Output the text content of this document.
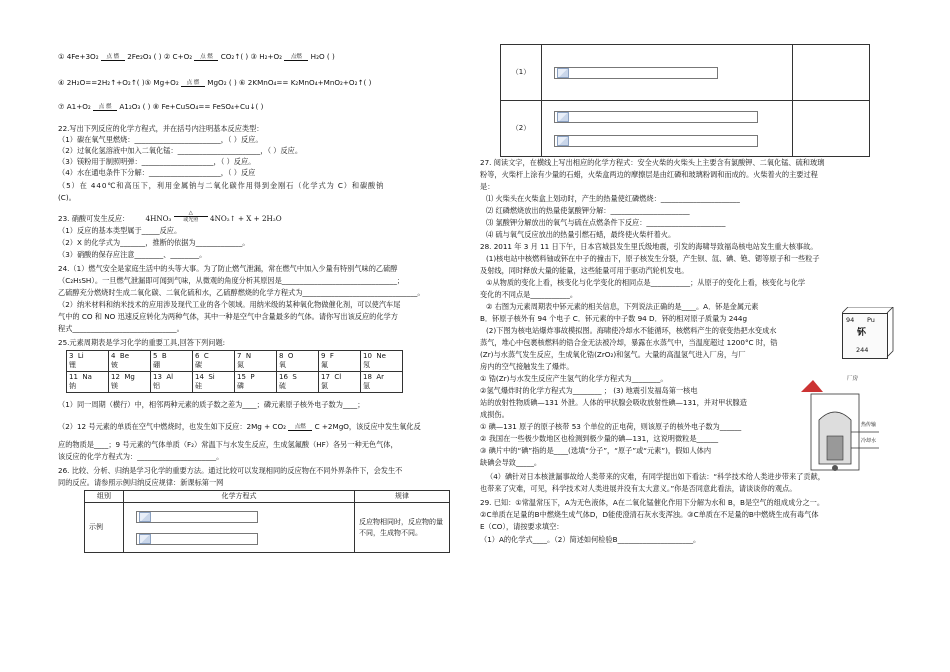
① 4Fe+3O₂	点 燃	2Fe₂O₃ ( ) ② C+O₂	点 燃	CO₂↑( ) ③ H₂+O₂	点燃	H₂O ( )
④ 2H₂O==2H₂↑+O₂↑( )⑤ Mg+O₂	点 燃	MgO₂ ( ) ⑥ 2KMnO₄== K₂MnO₄+MnO₂+O₂↑( )
⑦ A1+O₂	点 燃	A1₂O₃ ( ) ⑧ Fe+CuSO₄== FeSO₄+Cu↓( )
22.写出下列反应的化学方程式，并在括号内注明基本反应类型：
（1）碳在氧气里燃烧：________________________，（ ）反应。
（2）过氧化氢溶液中加入二氧化锰：_______________________，（ ）反应。
（3）镁粉用于制照明弹：____________________，（ ）反应。
（4）水在通电条件下分解：____________________，（ ）反应
（5）在 440℃和高压下，利用金属钠与二氧化碳作用得到金刚石（化学式为 C）和碳酸钠
(C)。
23. 硝酸可发生反应： 4HNO₃
△
或光照	4NO₂↑ + X + 2H₂O
（1）反应的基本类型属于_____反应。
（2）X 的化学式为_______，推断的依据为_____________。
（3）硝酸的保存应注意________、________。
24.（1）燃气安全是家庭生活中的头等大事。为了防止燃气泄漏，常在燃气中加入少量有特别气味的乙硫醇
（C₂H₅SH）。一旦燃气泄漏即可闻到气味，从微观的角度分析其原因是________________________________；
乙硫醇充分燃烧时生成二氧化碳、二氧化硫和水，乙硫醇燃烧的化学方程式为________________________________。
（2）纳米材料和纳米技术的应用涉及现代工业的各个领域。用纳米级的某种氧化物做催化剂，可以使汽车尾
气中的 CO 和 NO 迅速反应转化为两种气体，其中一种是空气中含量最多的气体。请你写出该反应的化学方
程式_____________________________。
25.元素周期表是学习化学的重要工具,回答下列问题:
3  Li
锂	4  Be
铍	5  B
硼	6  C
碳	7  N
氮	8  O
氧	9  F
氟	10  Ne
氖
11  Na
钠	12  Mg
镁	13  Al
铝	14  Si
硅	15  P
磷	16  S
硫	17  Cl
氯	18  Ar
氩
（1）同一周期（横行）中，相邻两种元素的质子数之差为____；磷元素原子核外电子数为____；
（2）12 号元素的单质在空气中燃烧时，也发生如下反应：2Mg + CO₂	点燃	C +2MgO，该反应中发生氧化反
应的物质是____；9 号元素的气体单质（F₂）常温下与水发生反应，生成氢氟酸（HF）各另一种无色气体，
该反应的化学方程式为：______________________。
26. 比较、分析、归纳是学习化学的重要方法。通过比较可以发现相同的反应物在不同外界条件下，会发生不
同的反应。请参照示例归纳反应规律：新课标第一网
组别	化学方程式	规律
示例		反应物相同时，反应物的量不同，生成物不同。
（1）	

（2）	

27. 阅读文字，在横线上写出相应的化学方程式：安全火柴的火柴头上主要含有氯酸钾、二氧化锰、硫和玻璃
粉等，火柴杆上涂有少量的石蜡，火柴盒两边的摩擦层是由红磷和玻璃粉调和而成的。火柴着火的主要过程
是：
⑴ 火柴头在火柴盒上划动时，产生的热量使红磷燃烧：______________________
⑵ 红磷燃烧放出的热量使氯酸钾分解：______________________
⑶ 氯酸钾分解放出的氧气与硫在点燃条件下反应：______________________
⑷ 硫与氧气反应放出的热量引燃石蜡，最终使火柴杆着火。
28. 2011 年 3 月 11 日下午，日本宫城县发生里氏级地震，引发的海啸导致福岛核电站发生重大核事故。
(1)核电站中核燃料铀或钚在中子的撞击下，原子核发生分裂，产生钡、氙、碘、铯、锶等原子和一些粒子
及射线，同时释放大量的能量，这些能量可用于驱动汽轮机发电。
①从物质的变化上看，核变化与化学变化的相同点是___________；从原子的变化上看，核变化与化学
变化的不同点是___________。
② 右图为元素周期表中钚元素的相关信息，下列说法正确的是____。A．钚是金属元素
B．钚原子核外有 94 个电子 C．钚元素的中子数 94 D．钚的相对原子质量为 244g
(2)下图为核电站爆炸事故模拟图。海啸使冷却水不能循环，核燃料产生的衰变热把水变成水
蒸气，堆心中包裹核燃料的锆合金无法被冷却，暴露在水蒸气中，当温度超过 1200°C 时，锆
(Zr)与水蒸气发生反应，生成氧化锆(ZrO₂)和氢气。大量的高温氢气进入厂房，与厂
房内的空气接触发生了爆炸。
① 锆(Zr)与水发生反应产生氢气的化学方程式为________。
②氢气爆炸时的化学方程式为________ ； (3) 地震引发福岛第一核电
站的放射性物质碘—131 外泄。人体的甲状腺会吸收放射性碘—131，并对甲状腺造
成损伤。
① 碘—131 原子的原子核带 53 个单位的正电荷，则该原子的核外电子数为______
② 我国在一些极少数地区也检测到极少量的碘—131，这说明微粒是______
③ 碘片中的“碘”指的是____(选填“分子”，“原子”或“元素”)，假如人体内
缺碘会导致_____。
（4）碘针对日本核泄漏事故给人类带来的灾难，有同学提出如下看法：“科学技术给人类进步带来了贡献，
也带来了灾难，可见，科学技术对人类进展并没有太大意义。”你是否同意此看法，请谈谈你的观点。
29. 已知：①常温常压下，A为无色液体，A在二氧化锰催化作用下分解为水和 B，B是空气的组成成分之一。
②C单质在足量的B中燃烧生成气体D，D能使澄清石灰水变浑浊。③C单质在不足量的B中燃烧生成有毒气体
E（CO），请按要求填空：
（1）A的化学式____。（2）简述如何检验B_____________________。
94 Pu
钚
244
爆炸
厂房
热传输
冷却水
